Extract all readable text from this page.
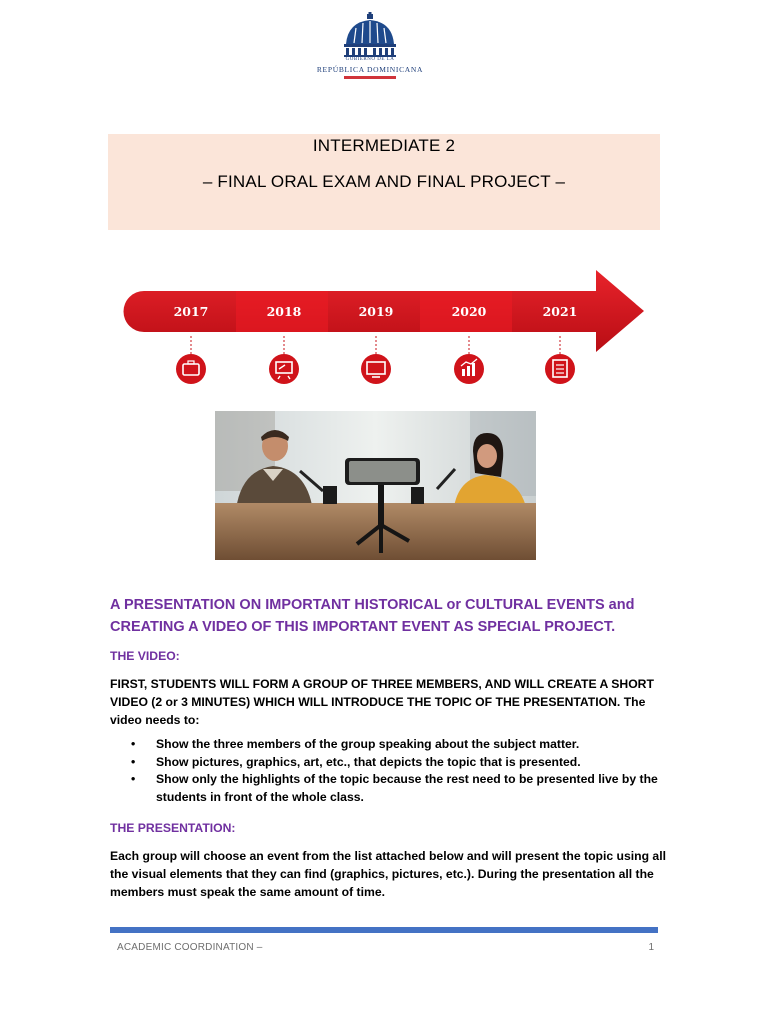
GOBIERNO DE LA
REPÚBLICA DOMINICANA
INTERMEDIATE 2
– FINAL ORAL EXAM AND FINAL PROJECT –
2017	2018	2019	2020	2021
A PRESENTATION ON IMPORTANT HISTORICAL or CULTURAL EVENTS and CREATING A VIDEO OF THIS IMPORTANT EVENT AS SPECIAL PROJECT.
THE VIDEO:
FIRST, STUDENTS WILL FORM A GROUP OF THREE MEMBERS, AND WILL CREATE A SHORT VIDEO (2 or 3 MINUTES) WHICH WILL INTRODUCE THE TOPIC OF THE PRESENTATION. The video needs to:
• Show the three members of the group speaking about the subject matter.
• Show pictures, graphics, art, etc., that depicts the topic that is presented.
• Show only the highlights of the topic because the rest need to be presented live by the students in front of the whole class.
THE PRESENTATION:
Each group will choose an event from the list attached below and will present the topic using all the visual elements that they can find (graphics, pictures, etc.). During the presentation all the members must speak the same amount of time.
ACADEMIC COORDINATION –	1
